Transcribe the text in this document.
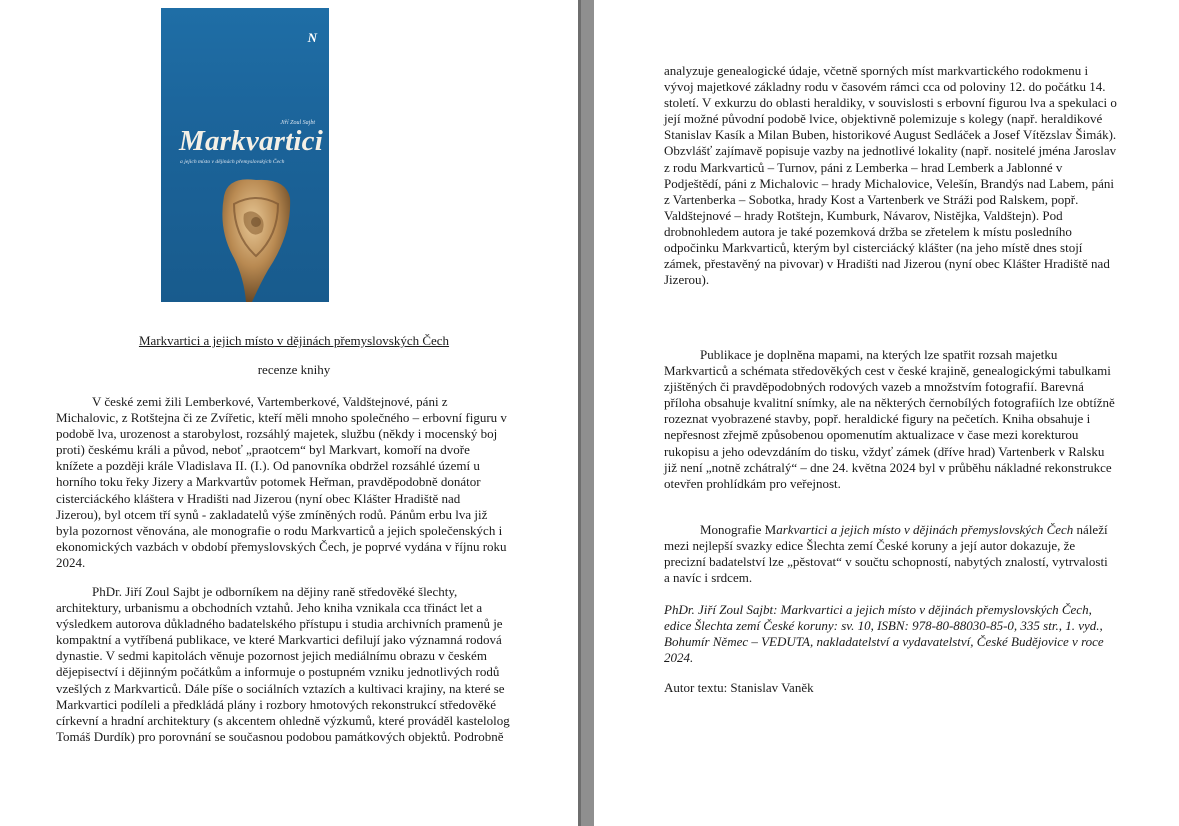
N
Jiří Zoul Sajbt
Markvartici
a jejich místo v dějinách přemyslovských Čech
Markvartici a jejich místo v dějinách přemyslovských Čech
recenze knihy

V české zemi žili Lemberkové, Vartemberkové, Valdštejnové, páni z Michalovic, z Rotštejna či ze Zvířetic, kteří měli mnoho společného – erbovní figuru v podobě lva, urozenost a starobylost, rozsáhlý majetek, službu (někdy i mocenský boj proti) českému králi a původ, neboť „praotcem“ byl Markvart, komoří na dvoře knížete a později krále Vladislava II. (I.). Od panovníka obdržel rozsáhlé území u horního toku řeky Jizery a Markvartův potomek Heřman, pravděpodobně donátor cisterciáckého kláštera v Hradišti nad Jizerou (nyní obec Klášter Hradiště nad Jizerou), byl otcem tří synů - zakladatelů výše zmíněných rodů. Pánům erbu lva již byla pozornost věnována, ale monografie o rodu Markvarticů a jejich společenských i ekonomických vazbách v období přemyslovských Čech, je poprvé vydána v říjnu roku 2024.

PhDr. Jiří Zoul Sajbt je odborníkem na dějiny raně středověké šlechty, architektury, urbanismu a obchodních vztahů. Jeho kniha vznikala cca třináct let a výsledkem autorova důkladného badatelského přístupu i studia archivních pramenů je kompaktní a vytříbená publikace, ve které Markvartici defilují jako významná rodová dynastie. V sedmi kapitolách věnuje pozornost jejich mediálnímu obrazu v českém dějepisectví i dějinným počátkům a informuje o postupném vzniku jednotlivých rodů vzešlých z Markvarticů. Dále píše o sociálních vztazích a kultivaci krajiny, na které se Markvartici podíleli a předkládá plány i rozbory hmotových rekonstrukcí středověké církevní a hradní architektury (s akcentem ohledně výzkumů, které prováděl kastelolog Tomáš Durdík) pro porovnání se současnou podobou památkových objektů. Podrobně

analyzuje genealogické údaje, včetně sporných míst markvartického rodokmenu i vývoj majetkové základny rodu v časovém rámci cca od poloviny 12. do počátku 14. století. V exkurzu do oblasti heraldiky, v souvislosti s erbovní figurou lva a spekulaci o její možné původní podobě lvice, objektivně polemizuje s kolegy (např. heraldikové Stanislav Kasík a Milan Buben, historikové August Sedláček a Josef Vítězslav Šimák). Obzvlášť zajímavě popisuje vazby na jednotlivé lokality (např. nositelé jména Jaroslav z rodu Markvarticů – Turnov, páni z Lemberka – hrad Lemberk a Jablonné v Podještědí, páni z Michalovic – hrady Michalovice, Velešín, Brandýs nad Labem, páni z Vartenberka – Sobotka, hrady Kost a Vartenberk ve Stráži pod Ralskem, popř. Valdštejnové – hrady Rotštejn, Kumburk, Návarov, Nistějka, Valdštejn). Pod drobnohledem autora je také pozemková držba se zřetelem k místu posledního odpočinku Markvarticů, kterým byl cisterciácký klášter (na jeho místě dnes stojí zámek, přestavěný na pivovar) v Hradišti nad Jizerou (nyní obec Klášter Hradiště nad Jizerou).

Publikace je doplněna mapami, na kterých lze spatřit rozsah majetku Markvarticů a schémata středověkých cest v české krajině, genealogickými tabulkami zjištěných či pravděpodobných rodových vazeb a množstvím fotografií. Barevná příloha obsahuje kvalitní snímky, ale na některých černobílých fotografiích lze obtížně rozeznat vyobrazené stavby, popř. heraldické figury na pečetích. Kniha obsahuje i nepřesnost zřejmě způsobenou opomenutím aktualizace v čase mezi korekturou rukopisu a jeho odevzdáním do tisku, vždyť zámek (dříve hrad) Vartenberk v Ralsku již není „notně zchátralý“ – dne 24. května 2024 byl v průběhu nákladné rekonstrukce otevřen prohlídkám pro veřejnost.

Monografie Markvartici a jejich místo v dějinách přemyslovských Čech náleží mezi nejlepší svazky edice Šlechta zemí České koruny a její autor dokazuje, že precizní badatelství lze „pěstovat“ v součtu schopností, nabytých znalostí, vytrvalosti a navíc i srdcem.

PhDr. Jiří Zoul Sajbt: Markvartici a jejich místo v dějinách přemyslovských Čech, edice Šlechta zemí České koruny: sv. 10, ISBN: 978-80-88030-85-0, 335 str., 1. vyd., Bohumír Němec – VEDUTA, nakladatelství a vydavatelství, České Budějovice v roce 2024.

Autor textu: Stanislav Vaněk
